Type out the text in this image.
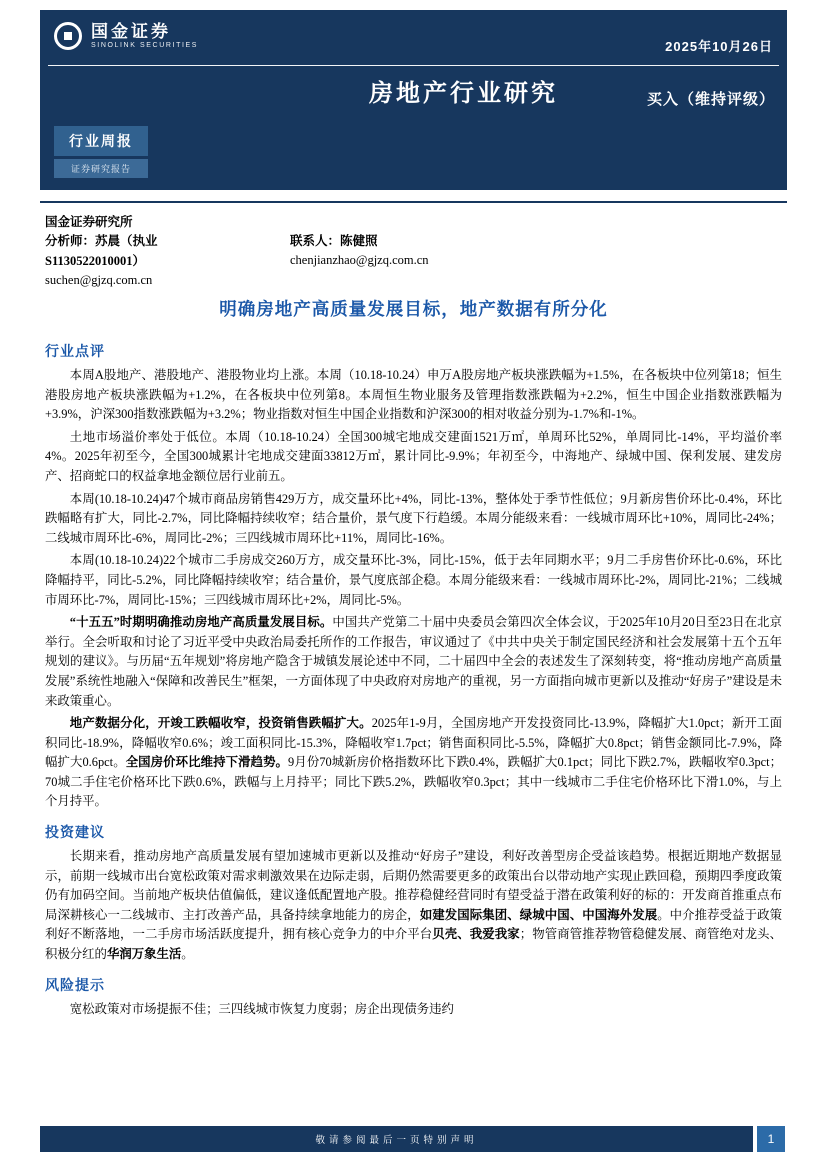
国金证券
SINOLINK SECURITIES	2025年10月26日
房地产行业研究	买入（维持评级）
行业周报
证券研究报告
国金证券研究所
分析师：苏晨（执业
S1130522010001）
suchen@gjzq.com.cn
联系人：陈健照
chenjianzhao@gjzq.com.cn
明确房地产高质量发展目标，地产数据有所分化
行业点评

本周A股地产、港股地产、港股物业均上涨。本周（10.18-10.24）申万A股房地产板块涨跌幅为+1.5%，在各板块中位列第18；恒生港股房地产板块涨跌幅为+1.2%，在各板块中位列第8。本周恒生物业服务及管理指数涨跌幅为+2.2%，恒生中国企业指数涨跌幅为+3.9%，沪深300指数涨跌幅为+3.2%；物业指数对恒生中国企业指数和沪深300的相对收益分别为-1.7%和-1%。

土地市场溢价率处于低位。本周（10.18-10.24）全国300城宅地成交建面1521万㎡，单周环比52%，单周同比-14%，平均溢价率4%。2025年初至今，全国300城累计宅地成交建面33812万㎡，累计同比-9.9%；年初至今，中海地产、绿城中国、保利发展、建发房产、招商蛇口的权益拿地金额位居行业前五。

本周(10.18-10.24)47个城市商品房销售429万方，成交量环比+4%，同比-13%，整体处于季节性低位；9月新房售价环比-0.4%，环比跌幅略有扩大，同比-2.7%，同比降幅持续收窄；结合量价，景气度下行趋缓。本周分能级来看：一线城市周环比+10%，周同比-24%；二线城市周环比-6%，周同比-2%；三四线城市周环比+11%，周同比-16%。

本周(10.18-10.24)22个城市二手房成交260万方，成交量环比-3%，同比-15%，低于去年同期水平；9月二手房售价环比-0.6%，环比降幅持平，同比-5.2%，同比降幅持续收窄；结合量价，景气度底部企稳。本周分能级来看：一线城市周环比-2%，周同比-21%；二线城市周环比-7%，周同比-15%；三四线城市周环比+2%，周同比-5%。

“十五五”时期明确推动房地产高质量发展目标。中国共产党第二十届中央委员会第四次全体会议，于2025年10月20日至23日在北京举行。全会听取和讨论了习近平受中央政治局委托所作的工作报告，审议通过了《中共中央关于制定国民经济和社会发展第十五个五年规划的建议》。与历届“五年规划”将房地产隐含于城镇发展论述中不同，二十届四中全会的表述发生了深刻转变，将“推动房地产高质量发展”系统性地融入“保障和改善民生”框架，一方面体现了中央政府对房地产的重视，另一方面指向城市更新以及推动“好房子”建设是未来政策重心。

地产数据分化，开竣工跌幅收窄，投资销售跌幅扩大。2025年1-9月，全国房地产开发投资同比-13.9%，降幅扩大1.0pct；新开工面积同比-18.9%，降幅收窄0.6%；竣工面积同比-15.3%，降幅收窄1.7pct；销售面积同比-5.5%，降幅扩大0.8pct；销售金额同比-7.9%，降幅扩大0.6pct。全国房价环比维持下滑趋势。9月份70城新房价格指数环比下跌0.4%，跌幅扩大0.1pct；同比下跌2.7%，跌幅收窄0.3pct；70城二手住宅价格环比下跌0.6%，跌幅与上月持平；同比下跌5.2%，跌幅收窄0.3pct；其中一线城市二手住宅价格环比下滑1.0%，与上个月持平。

投资建议

长期来看，推动房地产高质量发展有望加速城市更新以及推动“好房子”建设，利好改善型房企受益该趋势。根据近期地产数据显示，前期一线城市出台宽松政策对需求刺激效果在边际走弱，后期仍然需要更多的政策出台以带动地产实现止跌回稳，预期四季度政策仍有加码空间。当前地产板块估值偏低，建议逢低配置地产股。推荐稳健经营同时有望受益于潜在政策利好的标的：开发商首推重点布局深耕核心一二线城市、主打改善产品，具备持续拿地能力的房企，如建发国际集团、绿城中国、中国海外发展。中介推荐受益于政策利好不断落地，一二手房市场活跃度提升，拥有核心竞争力的中介平台贝壳、我爱我家；物管商管推荐物管稳健发展、商管绝对龙头、积极分红的华润万象生活。

风险提示

宽松政策对市场提振不佳；三四线城市恢复力度弱；房企出现债务违约

敬请参阅最后一页特别声明	1
